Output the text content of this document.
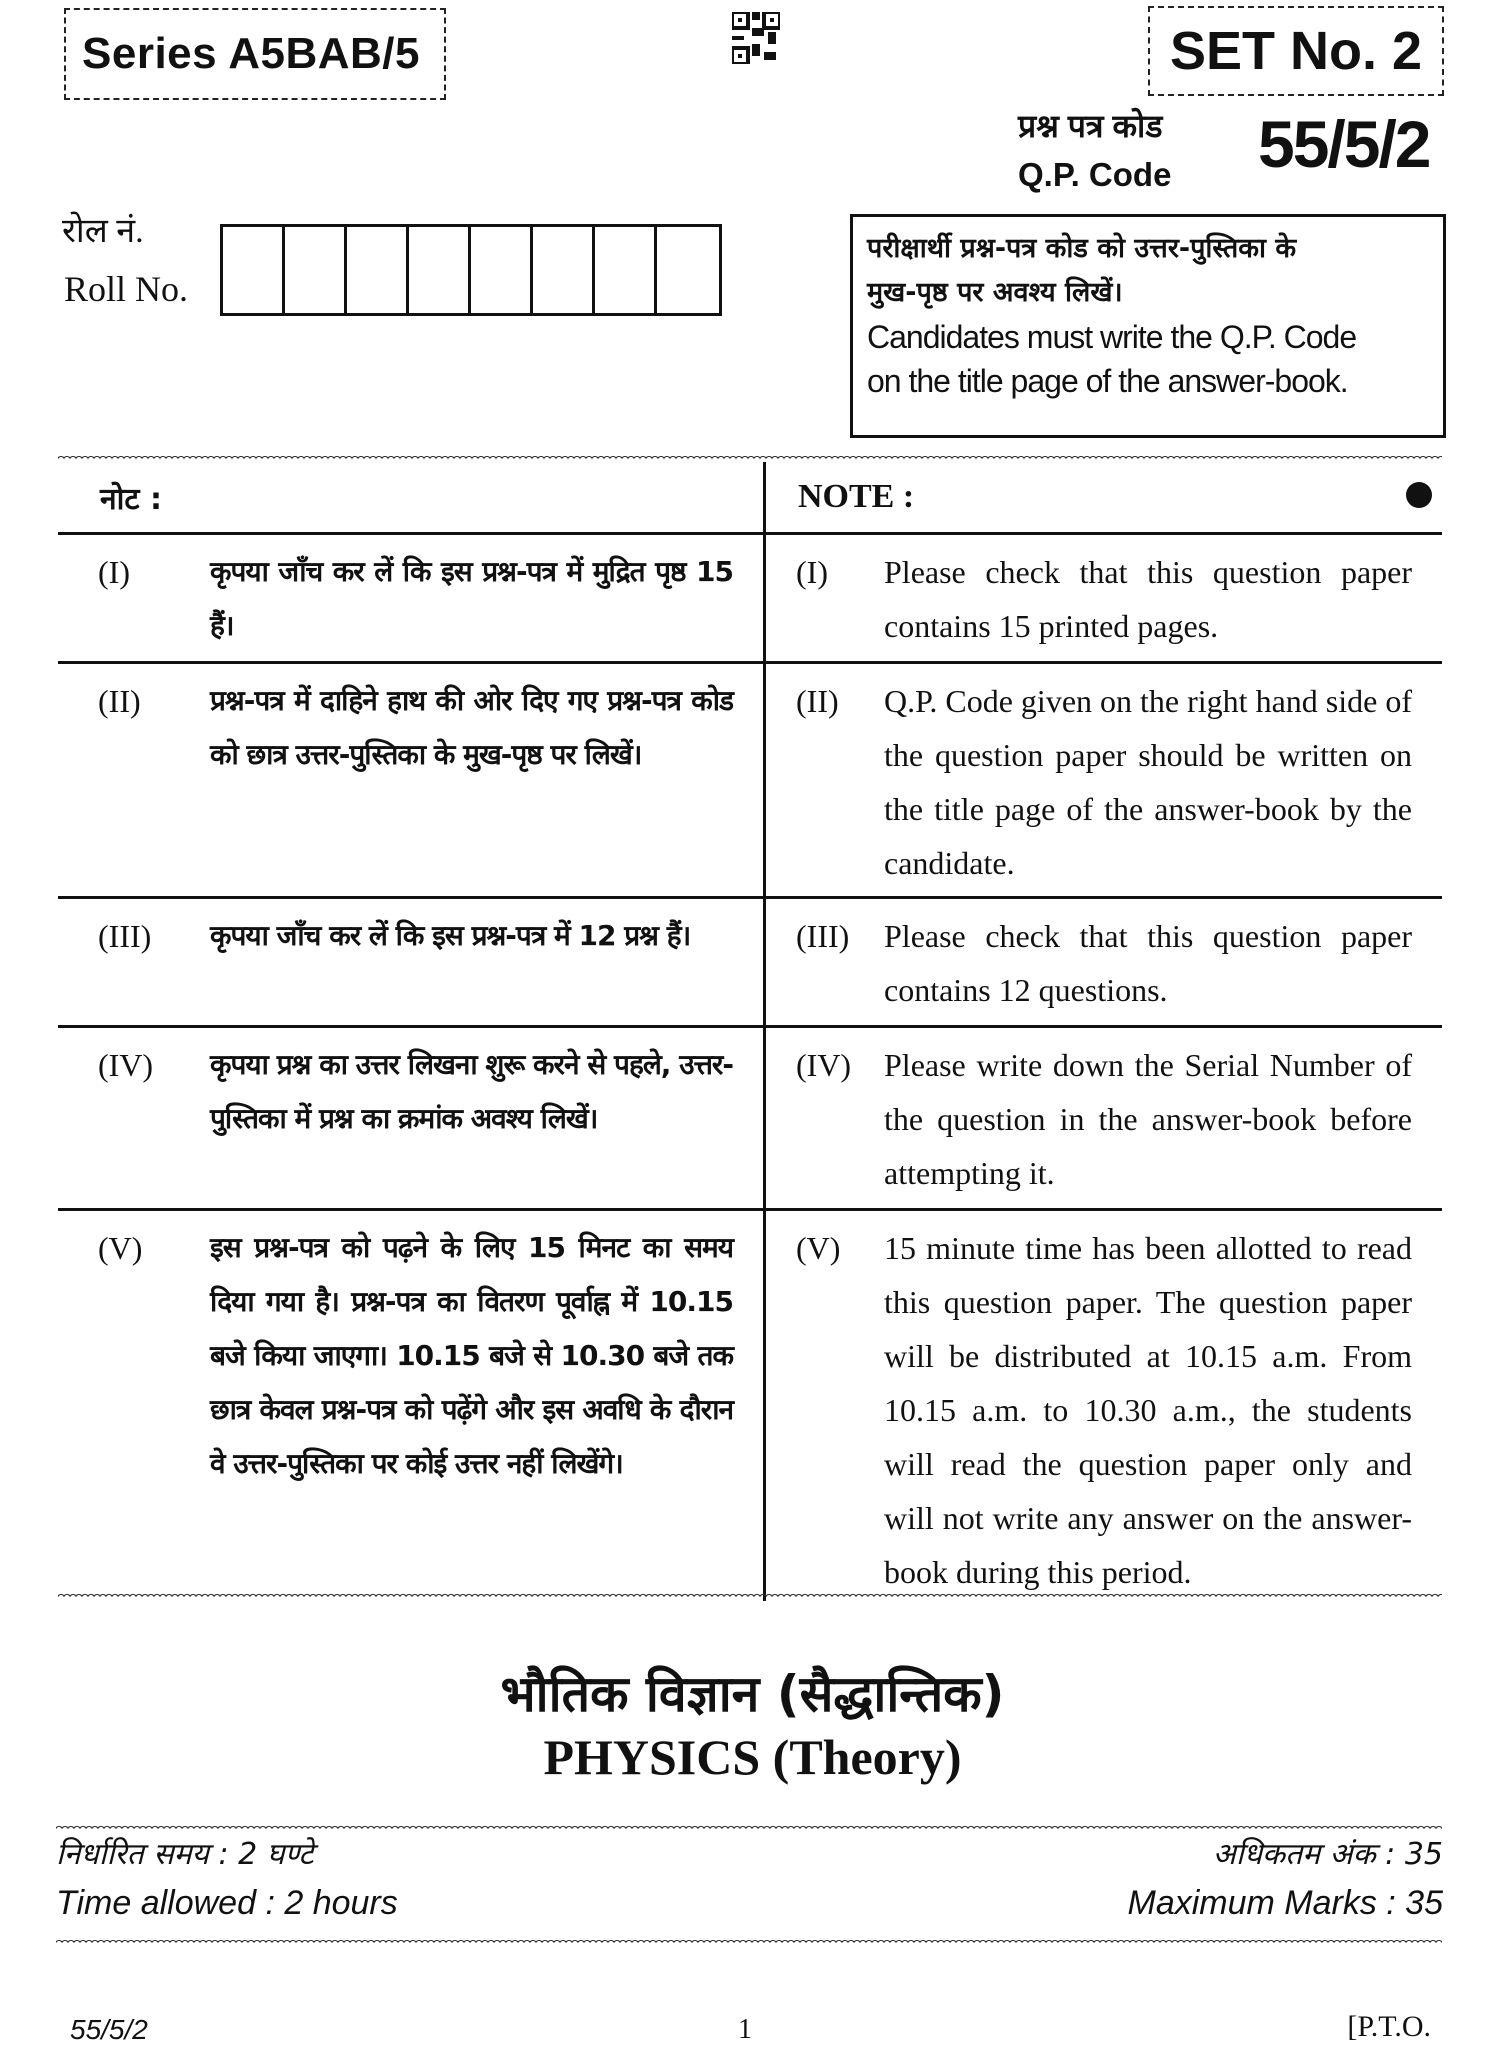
Series A5BAB/5	SET No. 2
प्रश्न पत्र कोड
Q.P. Code 55/5/2
रोल नं.
Roll No.
परीक्षार्थी प्रश्न-पत्र कोड को उत्तर-पुस्तिका के
मुख-पृष्ठ पर अवश्य लिखें।
Candidates must write the Q.P. Code
on the title page of the answer-book.
नोट :	NOTE :
(I)	कृपया जाँच कर लें कि इस प्रश्न-पत्र में मुद्रित पृष्ठ 15 हैं।
(I)	Please check that this question paper contains 15 printed pages.
(II)	प्रश्न-पत्र में दाहिने हाथ की ओर दिए गए प्रश्न-पत्र कोड को छात्र उत्तर-पुस्तिका के मुख-पृष्ठ पर लिखें।
(II)	Q.P. Code given on the right hand side of the question paper should be written on the title page of the answer-book by the candidate.
(III)	कृपया जाँच कर लें कि इस प्रश्न-पत्र में 12 प्रश्न हैं।	(III)	Please check that this question paper contains 12 questions.
(IV)	कृपया प्रश्न का उत्तर लिखना शुरू करने से पहले, उत्तर-पुस्तिका में प्रश्न का क्रमांक अवश्य लिखें।
(IV)	Please write down the Serial Number of the question in the answer-book before attempting it.
(V)	इस प्रश्न-पत्र को पढ़ने के लिए 15 मिनट का समय दिया गया है। प्रश्न-पत्र का वितरण पूर्वाह्न में 10.15 बजे किया जाएगा। 10.15 बजे से 10.30 बजे तक छात्र केवल प्रश्न-पत्र को पढ़ेंगे और इस अवधि के दौरान वे उत्तर-पुस्तिका पर कोई उत्तर नहीं लिखेंगे।
(V)	15 minute time has been allotted to read this question paper. The question paper will be distributed at 10.15 a.m. From 10.15 a.m. to 10.30 a.m., the students will read the question paper only and will not write any answer on the answer-book during this period.
भौतिक विज्ञान (सैद्धान्तिक)
PHYSICS (Theory)
निर्धारित समय : 2 घण्टे
Time allowed : 2 hours
अधिकतम अंक : 35
Maximum Marks : 35
55/5/2	1	[P.T.O.
